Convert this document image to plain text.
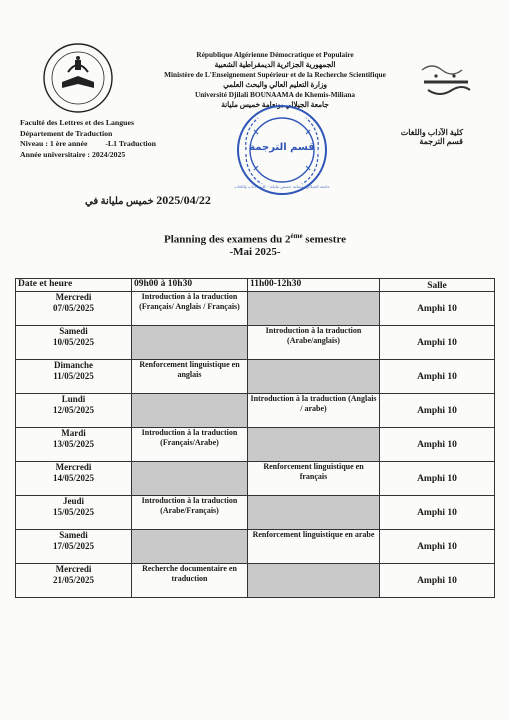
République Algérienne Démocratique et Populaire
الجمهورية الجزائرية الديمقراطية الشعبية
Ministère de L'Enseignement Supérieur et de la Recherche Scientifique
وزارة التعليم العالي والبحث العلمي
Université Djilali BOUNAAMA de Khemis-Miliana
جامعة الجيلالي بونعامة خميس مليانة
Faculté des Lettres et des Langues
Département de Traduction
Niveau : 1 ère année -L1 Traduction
Année universitaire : 2024/2025
كلية الآداب واللغات
قسم الترجمة
قسم الترجمة
جامعة الجيلالي بونعامة خميس مليانة - كلية الآداب واللغات
2025/04/22 خميس مليانة في
Planning des examens du 2ème semestre
-Mai 2025-
Date et heure	09h00 à 10h30	11h00-12h30	Salle

Mercredi
07/05/2025	Introduction à la traduction (Français/ Anglais / Français)		Amphi 10

Samedi
10/05/2025		Introduction à la traduction (Arabe/anglais)	Amphi 10

Dimanche
11/05/2025	Renforcement linguistique en anglais		Amphi 10

Lundi
12/05/2025		Introduction à la traduction (Anglais / arabe)	Amphi 10

Mardi
13/05/2025	Introduction à la traduction (Français/Arabe)		Amphi 10

Mercredi
14/05/2025		Renforcement linguistique en français	Amphi 10

Jeudi
15/05/2025	Introduction à la traduction (Arabe/Français)		Amphi 10

Samedi
17/05/2025		Renforcement linguistique en arabe	Amphi 10

Mercredi
21/05/2025	Recherche documentaire en traduction		Amphi 10
